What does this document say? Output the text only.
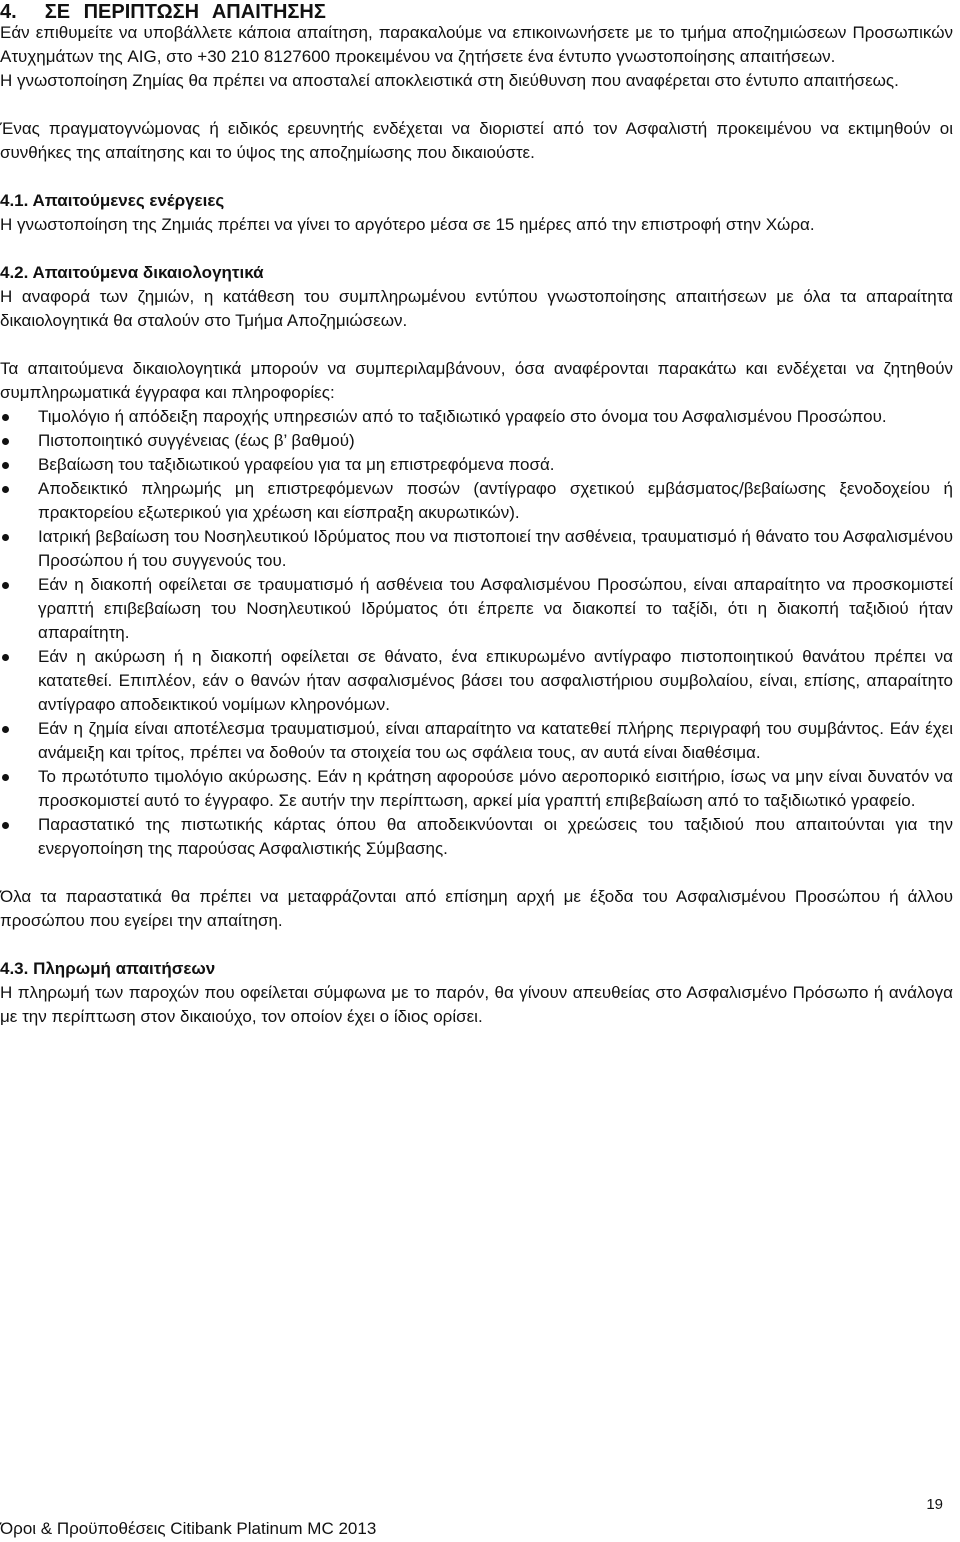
4. ΣΕ ΠΕΡΙΠΤΩΣΗ ΑΠΑΙΤΗΣΗΣ

Εάν επιθυμείτε να υποβάλλετε κάποια απαίτηση, παρακαλούμε να επικοινωνήσετε με το τμήμα αποζημιώσεων Προσωπικών Ατυχημάτων της AIG, στο +30 210 8127600 προκειμένου να ζητήσετε ένα έντυπο γνωστοποίησης απαιτήσεων.

Η γνωστοποίηση Ζημίας θα πρέπει να αποσταλεί αποκλειστικά στη διεύθυνση που αναφέρεται στο έντυπο απαιτήσεως.

Ένας πραγματογνώμονας ή ειδικός ερευνητής ενδέχεται να διοριστεί από τον Ασφαλιστή προκειμένου να εκτιμηθούν οι συνθήκες της απαίτησης και το ύψος της αποζημίωσης που δικαιούστε.

4.1. Απαιτούμενες ενέργειες

Η γνωστοποίηση της Ζημιάς πρέπει να γίνει το αργότερο μέσα σε 15 ημέρες από την επιστροφή στην Χώρα.

4.2. Απαιτούμενα δικαιολογητικά

Η αναφορά των ζημιών, η κατάθεση του συμπληρωμένου εντύπου γνωστοποίησης απαιτήσεων με όλα τα απαραίτητα δικαιολογητικά θα σταλούν στο Τμήμα Αποζημιώσεων.

Τα απαιτούμενα δικαιολογητικά μπορούν να συμπεριλαμβάνουν, όσα αναφέρονται παρακάτω και ενδέχεται να ζητηθούν συμπληρωματικά έγγραφα και πληροφορίες:

Τιμολόγιο ή απόδειξη παροχής υπηρεσιών από το ταξιδιωτικό γραφείο στο όνομα του Ασφαλισμένου Προσώπου.
Πιστοποιητικό συγγένειας (έως β’ βαθμού)
Βεβαίωση του ταξιδιωτικού γραφείου για τα μη επιστρεφόμενα ποσά.
Αποδεικτικό πληρωμής μη επιστρεφόμενων ποσών (αντίγραφο σχετικού εμβάσματος/βεβαίωσης ξενοδοχείου ή πρακτορείου εξωτερικού για χρέωση και είσπραξη ακυρωτικών).
Ιατρική βεβαίωση του Νοσηλευτικού Ιδρύματος που να πιστοποιεί την ασθένεια, τραυματισμό ή θάνατο του Ασφαλισμένου Προσώπου ή του συγγενούς του.
Εάν η διακοπή οφείλεται σε τραυματισμό ή ασθένεια του Ασφαλισμένου Προσώπου, είναι απαραίτητο να προσκομιστεί γραπτή επιβεβαίωση του Νοσηλευτικού Ιδρύματος ότι έπρεπε να διακοπεί το ταξίδι, ότι η διακοπή ταξιδιού ήταν απαραίτητη.
Εάν η ακύρωση ή η διακοπή οφείλεται σε θάνατο, ένα επικυρωμένο αντίγραφο πιστοποιητικού θανάτου πρέπει να κατατεθεί. Επιπλέον, εάν ο θανών ήταν ασφαλισμένος βάσει του ασφαλιστήριου συμβολαίου, είναι, επίσης, απαραίτητο αντίγραφο αποδεικτικού νομίμων κληρονόμων.
Εάν η ζημία είναι αποτέλεσμα τραυματισμού, είναι απαραίτητο να κατατεθεί πλήρης περιγραφή του συμβάντος. Εάν έχει ανάμειξη και τρίτος, πρέπει να δοθούν τα στοιχεία του ως σφάλεια τους, αν αυτά είναι διαθέσιμα.
Το πρωτότυπο τιμολόγιο ακύρωσης. Εάν η κράτηση αφορούσε μόνο αεροπορικό εισιτήριο, ίσως να μην είναι δυνατόν να προσκομιστεί αυτό το έγγραφο. Σε αυτήν την περίπτωση, αρκεί μία γραπτή επιβεβαίωση από το ταξιδιωτικό γραφείο.
Παραστατικό της πιστωτικής κάρτας όπου θα αποδεικνύονται οι χρεώσεις του ταξιδιού που απαιτούνται για την ενεργοποίηση της παρούσας Ασφαλιστικής Σύμβασης.

Όλα τα παραστατικά θα πρέπει να μεταφράζονται από επίσημη αρχή με έξοδα του Ασφαλισμένου Προσώπου ή άλλου προσώπου που εγείρει την απαίτηση.

4.3. Πληρωμή απαιτήσεων

Η πληρωμή των παροχών που οφείλεται σύμφωνα με το παρόν, θα γίνουν απευθείας στο Ασφαλισμένο Πρόσωπο ή ανάλογα με την περίπτωση στον δικαιούχο, τον οποίον έχει ο ίδιος ορίσει.

19
Όροι & Προϋποθέσεις Citibank Platinum MC 2013
